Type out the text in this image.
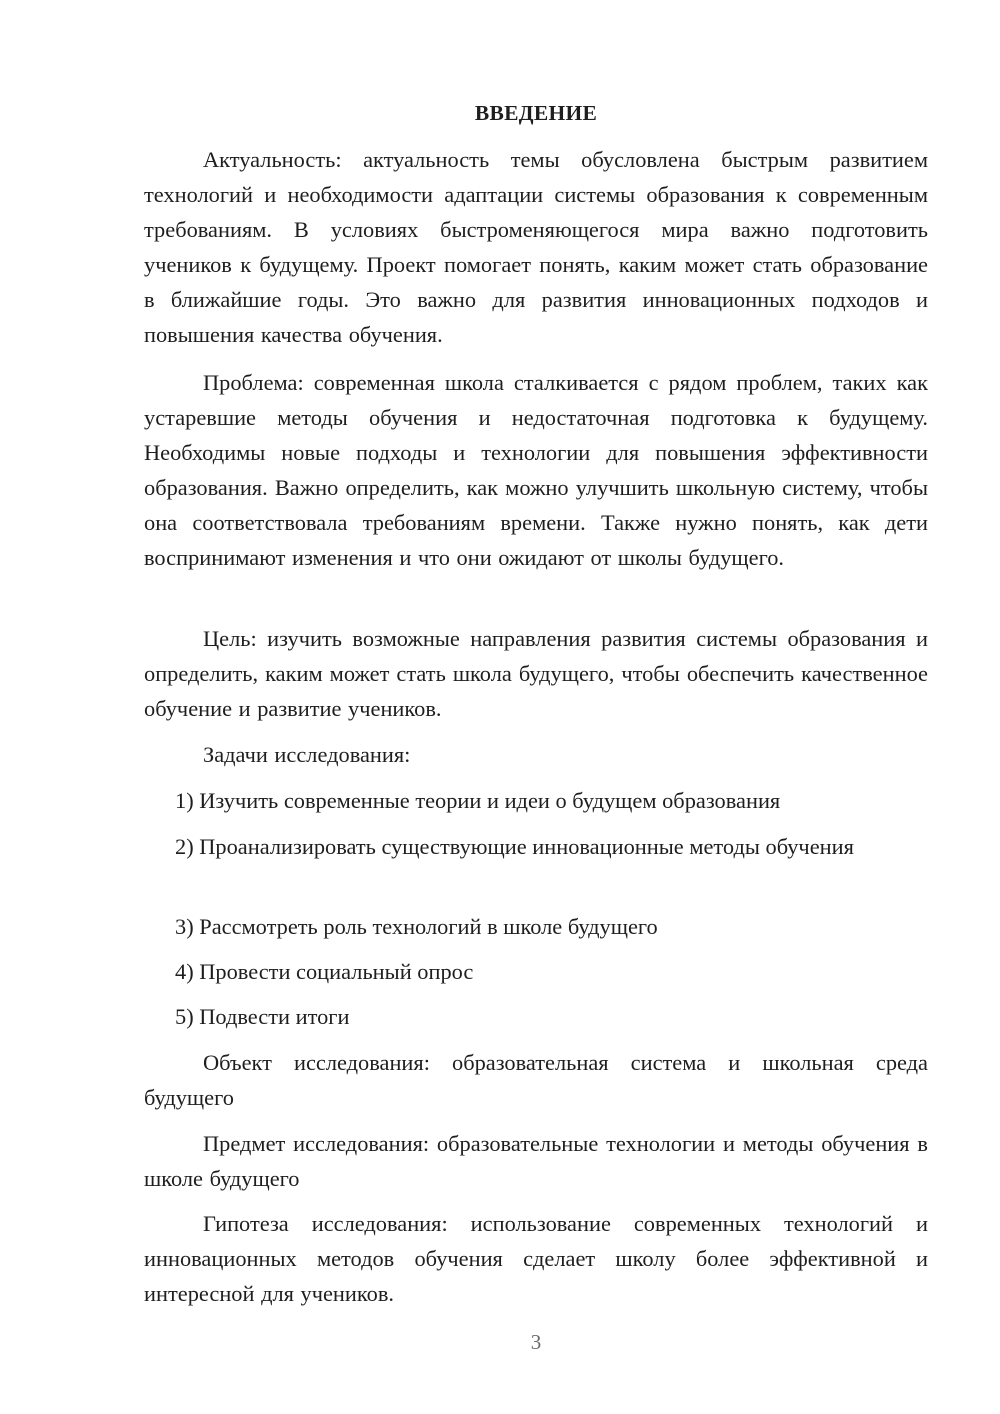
ВВЕДЕНИЕ

Актуальность: актуальность темы обусловлена быстрым развитием технологий и необходимости адаптации системы образования к современным требованиям. В условиях быстроменяющегося мира важно подготовить учеников к будущему. Проект помогает понять, каким может стать образование в ближайшие годы. Это важно для развития инновационных подходов и повышения качества обучения.

Проблема: современная школа сталкивается с рядом проблем, таких как устаревшие методы обучения и недостаточная подготовка к будущему. Необходимы новые подходы и технологии для повышения эффективности образования. Важно определить, как можно улучшить школьную систему, чтобы она соответствовала требованиям времени. Также нужно понять, как дети воспринимают изменения и что они ожидают от школы будущего.

Цель: изучить возможные направления развития системы образования и определить, каким может стать школа будущего, чтобы обеспечить качественное обучение и развитие учеников.

Задачи исследования:

1) Изучить современные теории и идеи о будущем образования

2) Проанализировать существующие инновационные методы обучения

3) Рассмотреть роль технологий в школе будущего

4) Провести социальный опрос

5) Подвести итоги

Объект исследования: образовательная система и школьная среда будущего

Предмет исследования: образовательные технологии и методы обучения в школе будущего

Гипотеза исследования: использование современных технологий и инновационных методов обучения сделает школу более эффективной и интересной для учеников.

3
